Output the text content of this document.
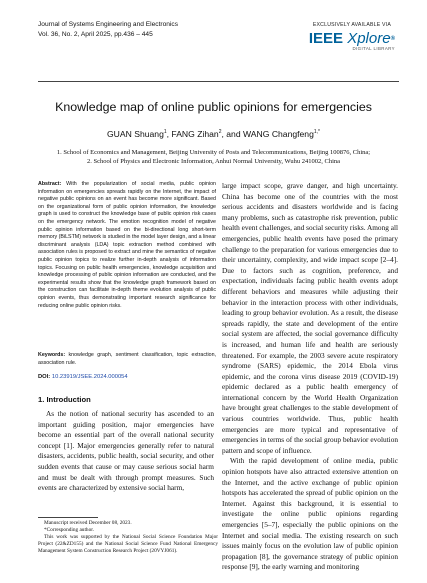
Journal of Systems Engineering and Electronics
Vol. 36, No. 2, April 2025, pp.436 – 445
EXCLUSIVELY AVAILABLE VIA
IEEE Xplore®
DIGITAL LIBRARY
Knowledge map of online public opinions for emergencies
GUAN Shuang$^1$, FANG Zihan$^2$, and WANG Changfeng$^{1,*}$
1. School of Economics and Management, Beijing University of Posts and Telecommunications, Beijing 100876, China;
2. School of Physics and Electronic Information, Anhui Normal University, Wuhu 241002, China
Abstract: With the popularization of social media, public opinion information on emergencies spreads rapidly on the Internet, the impact of negative public opinions on an event has become more significant. Based on the organizational form of public opinion information, the knowledge graph is used to construct the knowledge base of public opinion risk cases on the emergency network. The emotion recognition model of negative public opinion information based on the bi-directional long short-term memory (BiLSTM) network is studied in the model layer design, and a linear discriminant analysis (LDA) topic extraction method combined with association rules is proposed to extract and mine the semantics of negative public opinion topics to realize further in-depth analysis of information topics. Focusing on public health emergencies, knowledge acquisition and knowledge processing of public opinion information are conducted, and the experimental results show that the knowledge graph framework based on the construction can facilitate in-depth theme evolution analysis of public opinion events, thus demonstrating important research significance for reducing online public opinion risks.
Keywords: knowledge graph, sentiment classification, topic extraction, association rule.
DOI: 10.23919/JSEE.2024.000054
1. Introduction
As the notion of national security has ascended to an important guiding position, major emergencies have become an essential part of the overall national security concept [1]. Major emergencies generally refer to natural disasters, accidents, public health, social security, and other sudden events that cause or may cause serious social harm and must be dealt with through prompt measures. Such events are characterized by extensive social harm,

Manuscript received December 08, 2023.

*Corresponding author.

This work was supported by the National Social Science Foundation Major Project (22&ZD155) and the National Social Science Fund National Emergency Management System Construction Research Project (20VYJ061).

large impact scope, grave danger, and high uncertainty. China has become one of the countries with the most serious accidents and disasters worldwide and is facing many problems, such as catastrophe risk prevention, public health event challenges, and social security risks. Among all emergencies, public health events have posed the primary challenge to the preparation for various emergencies due to their uncertainty, complexity, and wide impact scope [2–4]. Due to factors such as cognition, preference, and expectation, individuals facing public health events adopt different behaviors and measures while adjusting their behavior in the interaction process with other individuals, leading to group behavior evolution. As a result, the disease spreads rapidly, the state and development of the entire social system are affected, the social governance difficulty is increased, and human life and health are seriously threatened. For example, the 2003 severe acute respiratory syndrome (SARS) epidemic, the 2014 Ebola virus epidemic, and the corona virus disease 2019 (COVID-19) epidemic declared as a public health emergency of international concern by the World Health Organization have brought great challenges to the stable development of various countries worldwide. Thus, public health emergencies are more typical and representative of emergencies in terms of the social group behavior evolution pattern and scope of influence.

With the rapid development of online media, public opinion hotspots have also attracted extensive attention on the Internet, and the active exchange of public opinion hotspots has accelerated the spread of public opinion on the Internet. Against this background, it is essential to investigate the online public opinions regarding emergencies [5–7], especially the public opinions on the Internet and social media. The existing research on such issues mainly focus on the evolution law of public opinion propagation [8], the governance strategy of public opinion response [9], the early warning and monitoring
